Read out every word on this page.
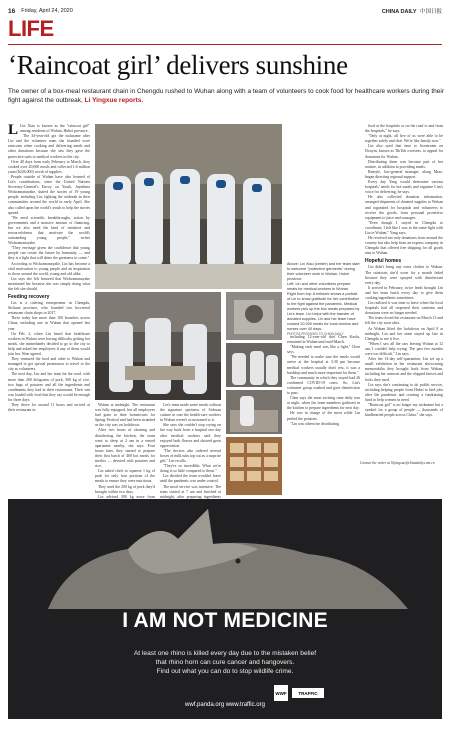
16 Friday, April 24, 2020	CHINA DAILY 中国日报
LIFE
‘Raincoat girl’ delivers sunshine
The owner of a box-meal restaurant chain in Chengdu rushed to Wuhan along with a team of volunteers to cook food for healthcare workers during their fight against the outbreak, Li Yingxue reports.

L Lin Xiao is known as the "raincoat girl" among residents of Wuhan, Hubei province.

The 34-year-old got the nickname after Lin and the volunteer team she founded wore raincoats when cooking and delivering meals and other donations because she saw they gave the protective suits to medical workers in the city.

Over 40 days from early February to March, they cooked over 20,000 meals and collected 1.6 million yuan ($226,000) worth of supplies.

People outside of Wuhan have also learned of Lin's contributions, since the United Nations Secretary-General's Envoy on Youth, Jayathma Wickramanayake, shared the stories of 19 young people, including Lin, fighting the outbreak in their communities around the world in early April. She also called upon the world's youth to help the stories spread.

"We need scientific breakthroughs, action by governments and a massive amount of financing, but we also need the kind of initiative and resourcefulness that motivate the world's outstanding young people," writes Wickramanayake.

"They envisage given the confidence that young people can create the future by humanity — and they is a light that will shine the greatness to come."

According to Wickramanayake, Lin has become a vital motivation to young people and an inspiration to those around the world, young and old alike.

Lin says she felt honored that Wickramanayake mentioned her because she was simply doing what she felt she should.

Feeding recovery

Lin is a catering entrepreneur in Chengdu, Sichuan province, who founded two box-meal restaurant chain shops in 2017.

Three today has more than 100 branches across China, including one in Wuhan that opened last year.

On Feb. 2, when Lin heard that healthcare workers in Wuhan were having difficulty getting hot meals, she immediately decided to go to the city to help and asked her employees if any of them would join her. Nine agreed.

They ventured the food and other to Wuhan and managed to get special permission to travel to the city as volunteers.

The next day, Lin and her team hit the road, with more than 200 kilograms of pork, 300 kg of rice, two bags of potatoes and all the ingredients and condiments they had in their restaurants. Their van was loaded with food that they say would be enough for three days.

They drove for around 11 hours and arrived at their restaurant in

Wuhan at midnight. The restaurant was fully equipped, but all employees had gone to their hometowns for Spring Festival and had been stranded as the city was on lockdown.

After two hours of cleaning and disinfecting the kitchen, the team went to sleep at 2 am in a rented apartment nearby, she says. Four hours later, they started to prepare their first batch of 400 hot meals for medics — devoted with potatoes and rice.

Lin asked chefs to squeeze 1 kg of pork for only four portions of the meals to ensure they were nutritious.

They used the 200 kg of pork they'd brought within two days.

Lin advised 300 kg more from

Lin's team made some meals without the signature spiciness of Sichuan cuisine in case the health-care workers in Wuhan weren't accustomed to it.

She says she couldn't stop crying on her way back from a hospital one day after medical workers said they enjoyed both flavors and showed great appreciation.

"The doctors also ordered several boxes of milk tubs top cut as a surprise gift," Lin recalls.

"They're so incredible. What we're doing is so little compared to them."

Lin decided the team wouldn't leave until the pandemic was under control.

The meal service was intensive. The team started at 7 am and finished at midnight, after preparing ingredients

Above: Lin Xiao (center) and her team start to welcome "protective garments" during their volunteer work in Wuhan, Hubei province.
Left: Lin and other volunteers prepare meals for medical workers in Wuhan.
Right from top: A network shows a portrait of Lin to show gratitude for her contribution to the fight against the pandemic. Medical workers pick up the box meals prepared by Lin's team. Lin helps with the transfer of donated supplies. Lin and her team have cooked 20,000 meals for local doctors and nurses over 40 days.
PHOTOS PROVIDED TO CHINA DAILY

including 12-year-old chef Chen Kaolu, remained in Wuhan until mid-March.

"Making each meal was like a fight," Chen says.

"We needed to make sure the meals would arrive at the hospital at 3:30 pm because medical workers usually don't rest, it was a hardship and much more important for them."

The community in which they stayed had 26 confirmed COVID-19 cases. So, Lin's volunteer group washed and gave disinfection to pass.

Chen says the most exciting time daily was at night, when the team members gathered in the kitchen to prepare ingredients for next day.

He was in charge of the meat while Lin peeled the potatoes.

"Lin was otherwise distributing

food at the hospitals or on the road to and from the hospitals," he says.

"Only at night, all five of us were able to be together safely and chat. We're like family now."

Lin also used that time to livestream on Douyin, known as TikTok overseas, to appeal for donations for Wuhan.

Distributing them was become part of her routine, in addition to providing meals.

Rainyle, low-general manager, along Miao, began directing regional support.

Every day Yang would determine various hospitals' needs for hot meals and organize Lim's voice for delivering, he says.

He also collected donation information, arranged shipments of donated supplies to Wuhan and organized for hospitals and volunteers to receive the goods, from personal protective equipment to juice and sausages.

"Even though I stayed in Chengdu to coordinate, I felt like I was in the same fight with Lin in Wuhan," Yang says.

He received not only donations from around the country but also help from an express company in Chengdu that offered free shipping for all goods sent to Wuhan.

Hopeful homes

Lin didn't bring any extra clothes to Wuhan. The raincoats she'd worn for a month faded because they were sprayed with disinfectant every day.

It arrived in February, twice leads brought Lin and her team lunch every day to give them cooking ingredients sometimes.

Lin realized it was time to leave when the local hospitals had all reopened their canteens and donations were no longer needed.

The team closed the restaurant on March 13 and left the city soon after.

As Wuhan lifted the lockdown on April 8 at midnight, Lin and her team stayed up late in Chengdu to see it live.

"When I saw all the cars leaving Wuhan at 12 am, I couldn't help crying. The past few months were too difficult," Lin says.

After her 14-day self-quarantine, Lin set up a small exhibition in her restaurant showcasing memorabilia they brought back from Wuhan, including her raincoat and the chipped knives and forks they used.

Lin says she's continuing to do public service, including helping people from Hubei to find jobs after the pandemic and creating a fundraising fund to help women in need.

"Raincoat girl" is no longer my nickname but a symbol for a group of people — thousands of kindhearted people across China," she says.

Contact the writer at lilyingxue@chinadaily.com.cn
I AM NOT MEDICINE
At least one rhino is killed every day due to the mistaken belief
that rhino horn can cure cancer and hangovers.
Find out what you can do to stop wildlife crime.
WWF	TRAFFIC
wwf.panda.org www.traffic.org
